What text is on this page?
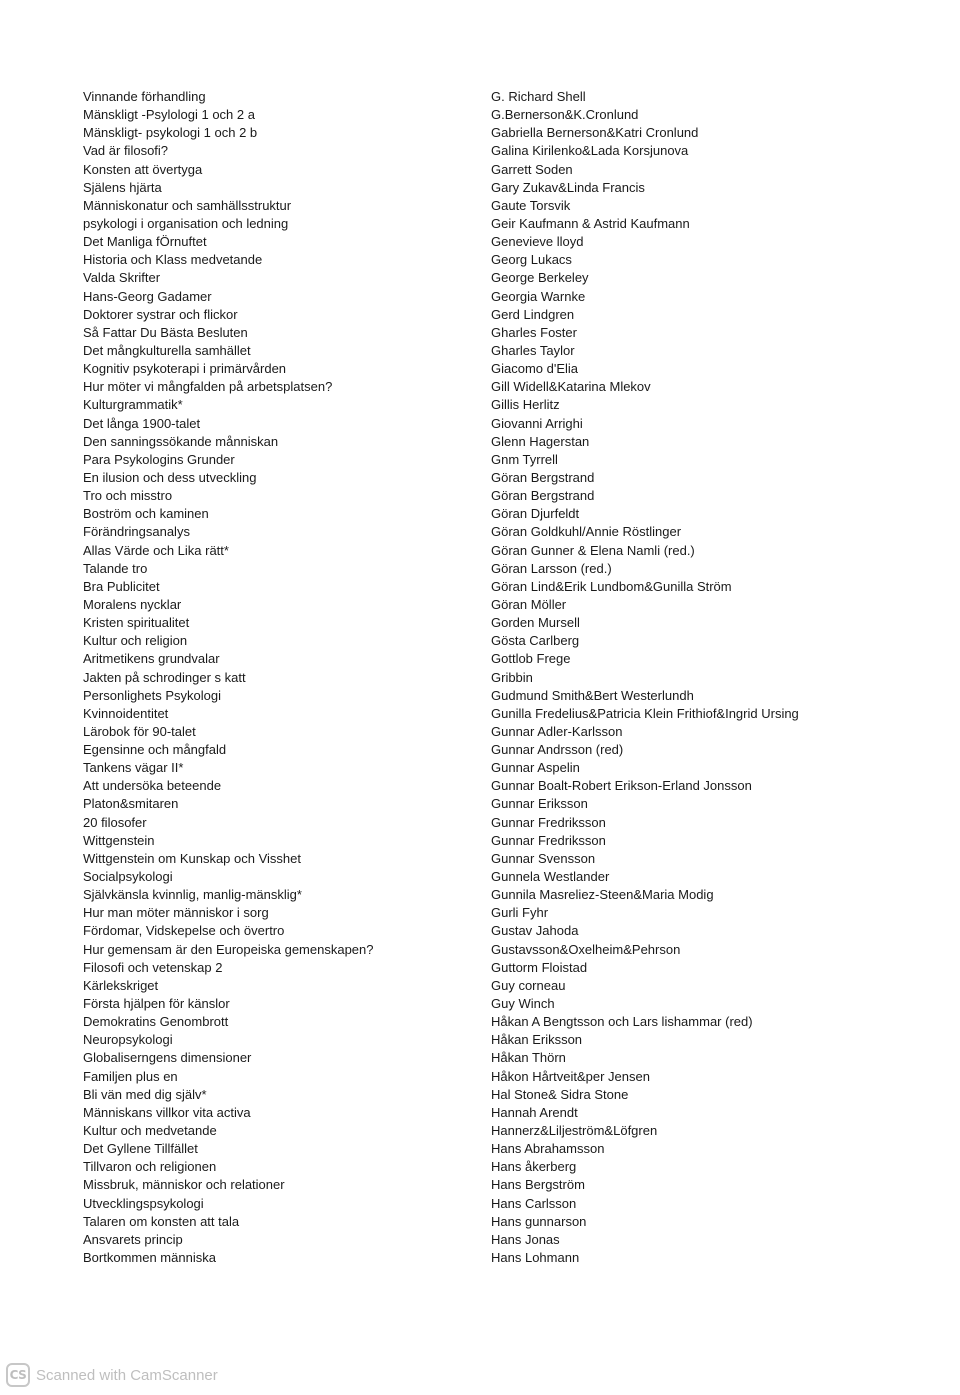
Vinnande förhandling	G. Richard Shell
Mänskligt -Psylologi 1 och 2 a	G.Bernerson&K.Cronlund
Mänskligt- psykologi 1 och 2 b	Gabriella Bernerson&Katri Cronlund
Vad är filosofi?	Galina Kirilenko&Lada Korsjunova
Konsten att övertyga	Garrett Soden
Själens hjärta	Gary Zukav&Linda Francis
Människonatur och samhällsstruktur	Gaute Torsvik
psykologi i organisation och ledning	Geir Kaufmann & Astrid Kaufmann
Det Manliga fÖrnuftet	Genevieve lloyd
Historia och Klass medvetande	Georg Lukacs
Valda Skrifter	George Berkeley
Hans-Georg Gadamer	Georgia Warnke
Doktorer systrar och flickor	Gerd Lindgren
Så Fattar Du Bästa Besluten	Gharles Foster
Det mångkulturella samhället	Gharles Taylor
Kognitiv psykoterapi i primärvården	Giacomo d'Elia
Hur möter vi mångfalden på arbetsplatsen?	Gill Widell&Katarina Mlekov
Kulturgrammatik*	Gillis Herlitz
Det långa 1900-talet	Giovanni Arrighi
Den sanningssökande månniskan	Glenn Hagerstan
Para Psykologins Grunder	Gnm Tyrrell
En ilusion och dess utveckling	Göran Bergstrand
Tro och misstro	Göran Bergstrand
Boström och kaminen	Göran Djurfeldt
Förändringsanalys	Göran Goldkuhl/Annie Röstlinger
Allas Värde och Lika rätt*	Göran Gunner & Elena Namli (red.)
Talande tro	Göran Larsson (red.)
Bra Publicitet	Göran Lind&Erik Lundbom&Gunilla Ström
Moralens nycklar	Göran Möller
Kristen spiritualitet	Gorden Mursell
Kultur och religion	Gösta Carlberg
Aritmetikens grundvalar	Gottlob Frege
Jakten på schrodinger s katt	Gribbin
Personlighets Psykologi	Gudmund Smith&Bert Westerlundh
Kvinnoidentitet	Gunilla Fredelius&Patricia Klein Frithiof&Ingrid Ursing
Lärobok för 90-talet	Gunnar Adler-Karlsson
Egensinne och mångfald	Gunnar Andrsson (red)
Tankens vägar II*	Gunnar Aspelin
Att undersöka beteende	Gunnar Boalt-Robert Erikson-Erland Jonsson
Platon&smitaren	Gunnar Eriksson
20 filosofer	Gunnar Fredriksson
Wittgenstein	Gunnar Fredriksson
Wittgenstein om Kunskap och Visshet	Gunnar Svensson
Socialpsykologi	Gunnela Westlander
Självkänsla kvinnlig, manlig-mänsklig*	Gunnila Masreliez-Steen&Maria Modig
Hur man möter människor i sorg	Gurli Fyhr
Fördomar, Vidskepelse och övertro	Gustav Jahoda
Hur gemensam är den Europeiska gemenskapen?	Gustavsson&Oxelheim&Pehrson
Filosofi och vetenskap 2	Guttorm Floistad
Kärlekskriget	Guy corneau
Första hjälpen för känslor	Guy Winch
Demokratins Genombrott	Håkan A Bengtsson och Lars lishammar (red)
Neuropsykologi	Håkan Eriksson
Globaliserngens dimensioner	Håkan Thörn
Familjen plus en	Håkon Hårtveit&per Jensen
Bli vän med dig själv*	Hal Stone& Sidra Stone
Människans villkor vita activa	Hannah Arendt
Kultur och medvetande	Hannerz&Liljeström&Löfgren
Det Gyllene Tillfället	Hans Abrahamsson
Tillvaron och religionen	Hans åkerberg
Missbruk, människor och relationer	Hans Bergström
Utvecklingspsykologi	Hans Carlsson
Talaren om konsten att tala	Hans gunnarson
Ansvarets princip	Hans Jonas
Bortkommen människa	Hans Lohmann
CS Scanned with CamScanner
